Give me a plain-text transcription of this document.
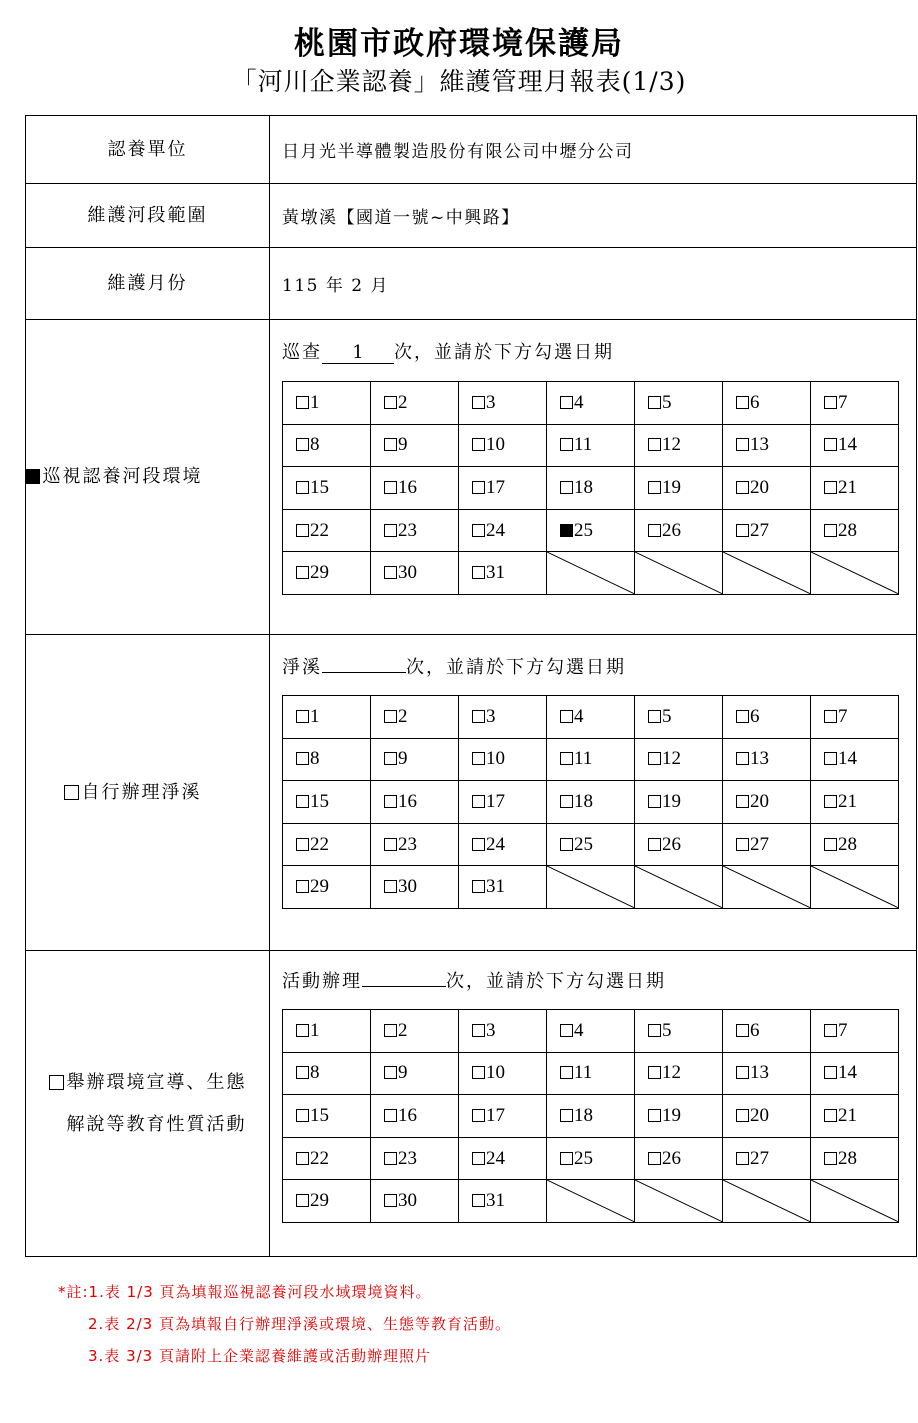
桃園市政府環境保護局
「河川企業認養」維護管理月報表(1/3)
認養單位	日月光半導體製造股份有限公司中壢分公司
維護河段範圍	黃墩溪【國道一號~中興路】
維護月份	115 年 2 月
巡視認養河段環境
巡查 1 次，並請於下方勾選日期
1	2	3	4	5	6	7
8	9	10	11	12	13	14
15	16	17	18	19	20	21
22	23	24	25	26	27	28
29	30	31	

自行辦理淨溪
淨溪	次，並請於下方勾選日期
1	2	3	4	5	6	7
8	9	10	11	12	13	14
15	16	17	18	19	20	21
22	23	24	25	26	27	28
29	30	31	

舉辦環境宣導、生態
解說等教育性質活動
活動辦理	次，並請於下方勾選日期
1	2	3	4	5	6	7
8	9	10	11	12	13	14
15	16	17	18	19	20	21
22	23	24	25	26	27	28
29	30	31	

*註:1.表 1/3 頁為填報巡視認養河段水域環境資料。
2.表 2/3 頁為填報自行辦理淨溪或環境、生態等教育活動。
3.表 3/3 頁請附上企業認養維護或活動辦理照片
